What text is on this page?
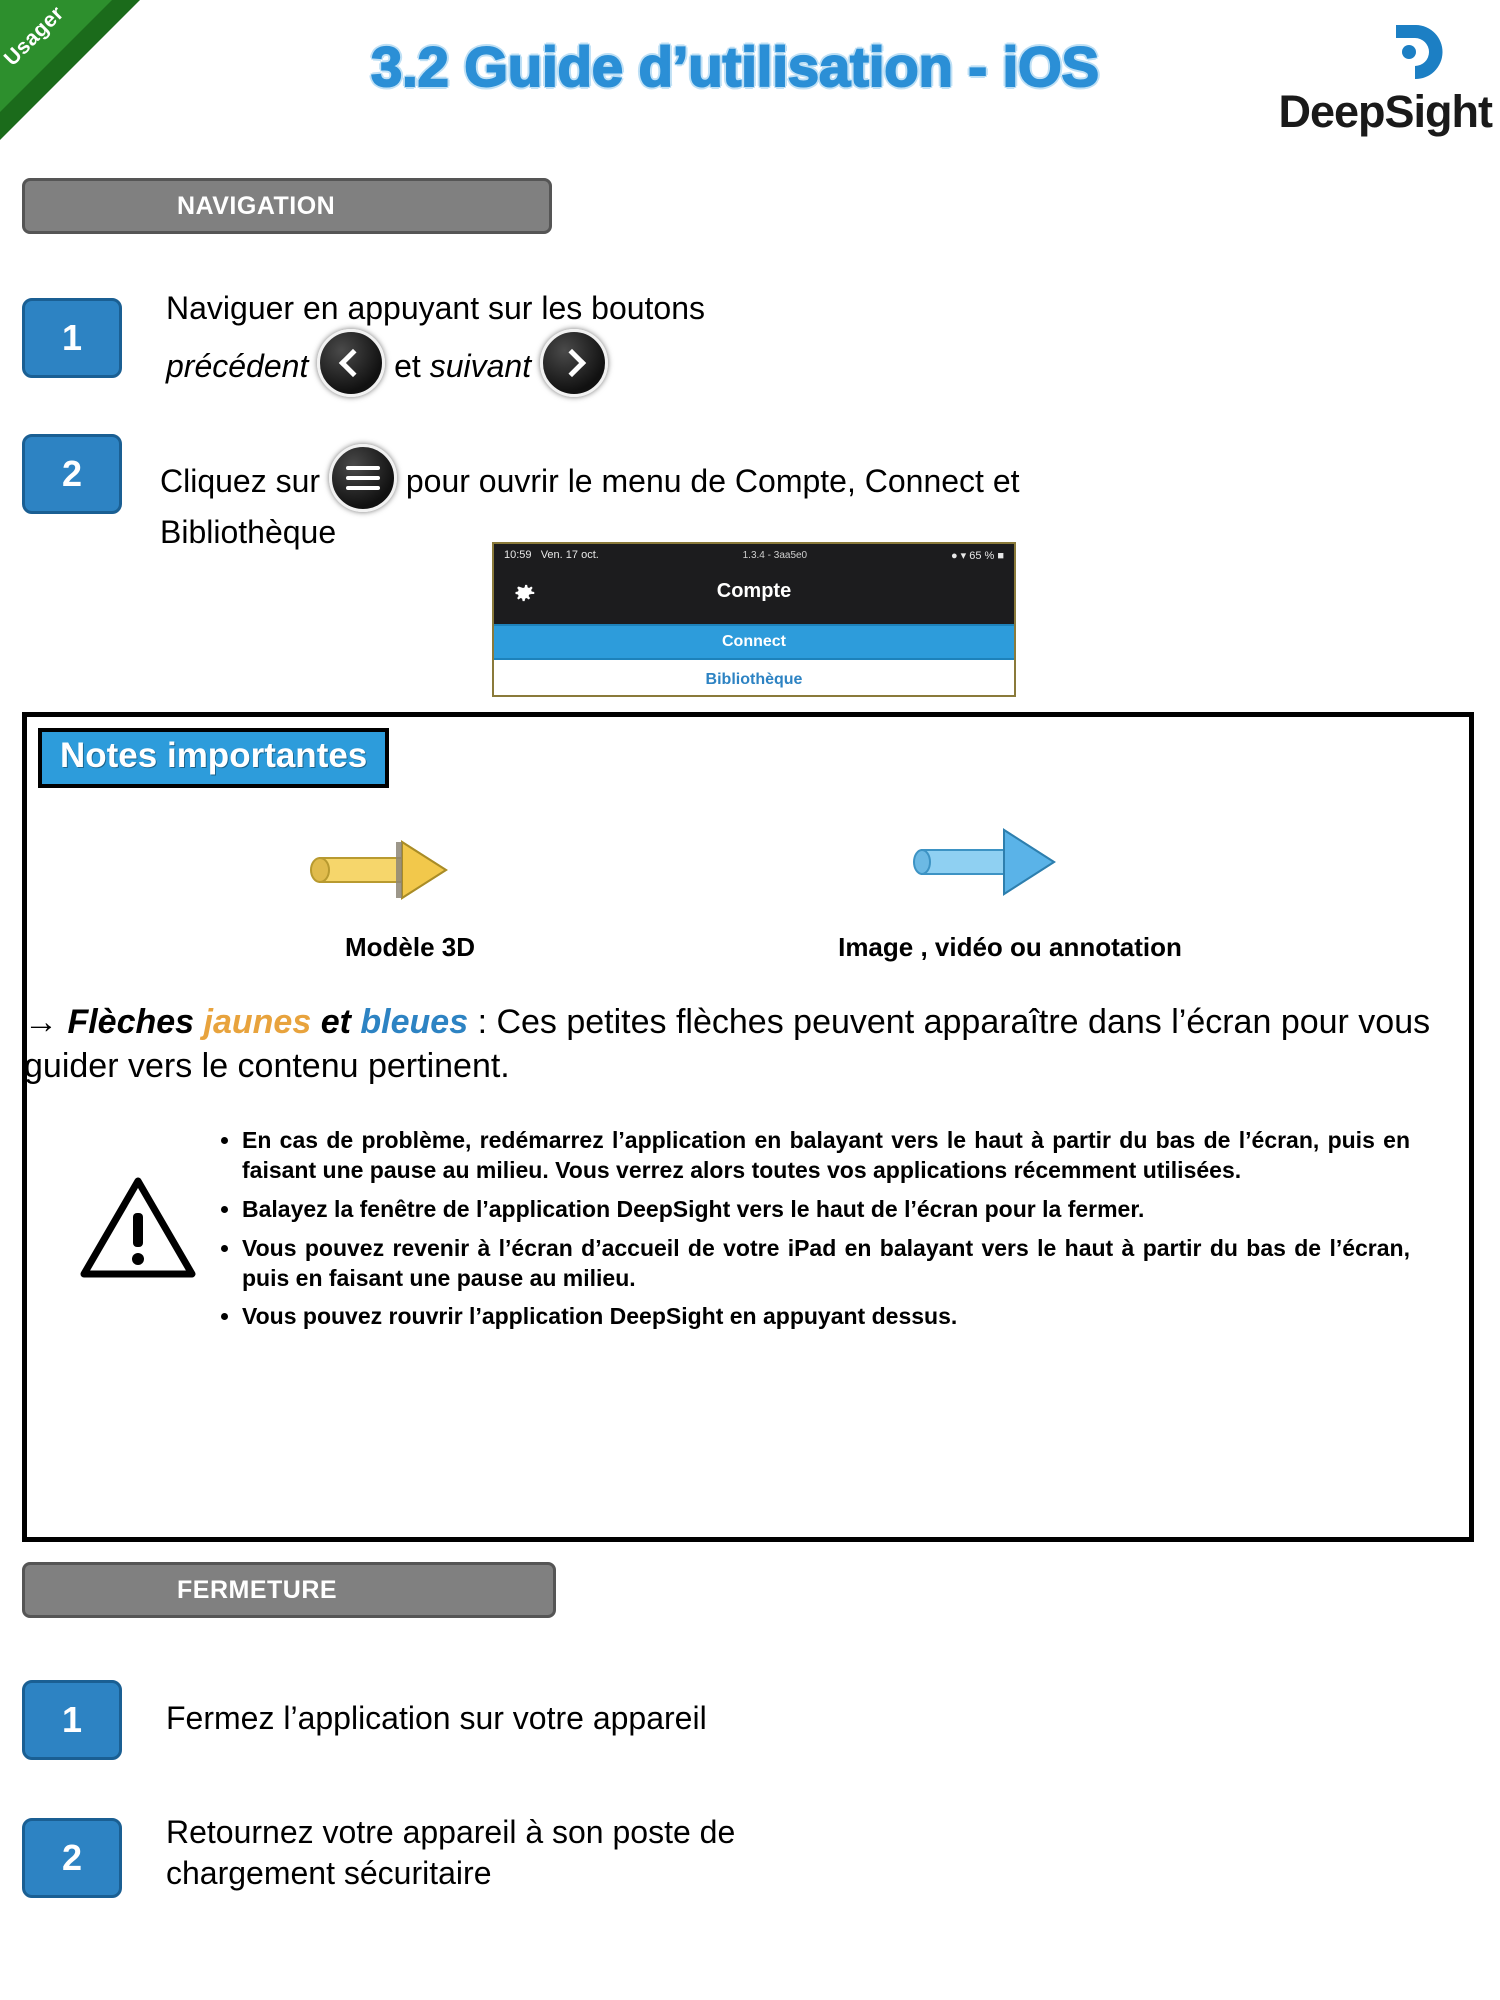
Usager	3.2 Guide d’utilisation - iOS
DeepSight
NAVIGATION
1
Naviguer en appuyant sur les boutons
précédent	et suivant
2 Cliquez sur	pour ouvrir le menu de Compte, Connect et
Bibliothèque
10:59 Ven. 17 oct.	1.3.4 - 3aa5e0	● ▾ 65 % ■
Compte
Connect
Bibliothèque
Notes importantes
Modèle 3D	Image , vidéo ou annotation
→ Flèches jaunes et bleues : Ces petites flèches peuvent apparaître dans l’écran pour vous guider vers le contenu pertinent.
• En cas de problème, redémarrez l’application en balayant vers le haut à partir du bas de l’écran, puis en faisant une pause au milieu. Vous verrez alors toutes vos applications récemment utilisées.
• Balayez la fenêtre de l’application DeepSight vers le haut de l’écran pour la fermer.
• Vous pouvez revenir à l’écran d’accueil de votre iPad en balayant vers le haut à partir du bas de l’écran, puis en faisant une pause au milieu.
• Vous pouvez rouvrir l’application DeepSight en appuyant dessus.
FERMETURE
1	Fermez l’application sur votre appareil
2
Retournez votre appareil à son poste de
chargement sécuritaire
